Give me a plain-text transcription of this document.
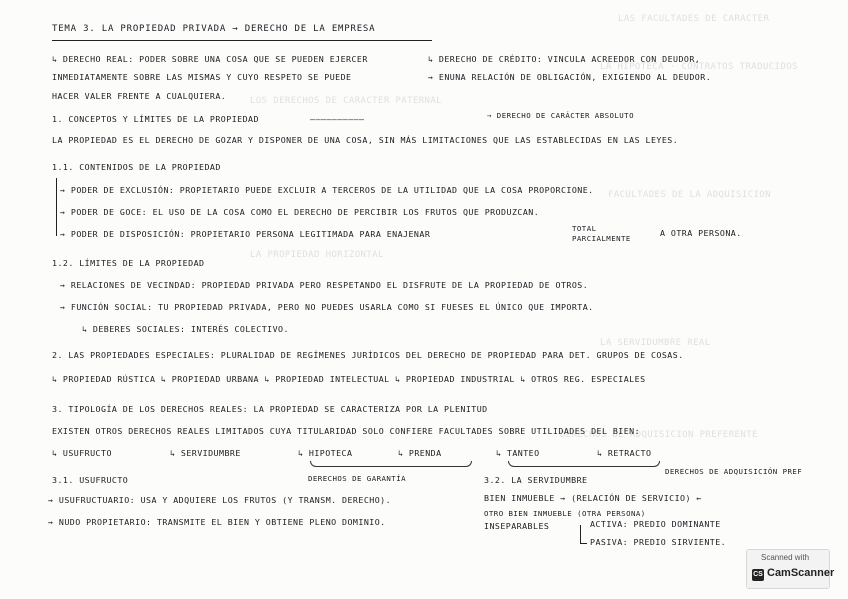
LAS FACULTADES DE CARACTER
LA HIPOTECA · CONTRATOS TRADUCIDOS
LOS DERECHOS DE CARACTER PATERNAL
FACULTADES DE LA ADQUISICION
LA SERVIDUMBRE REAL
DERECHOS DE ADQUISICION PREFERENTE
LA PROPIEDAD HORIZONTAL
TEMA 3. LA PROPIEDAD PRIVADA → DERECHO DE LA EMPRESA
↳ DERECHO REAL: PODER SOBRE UNA COSA QUE SE PUEDEN EJERCER	↳ DERECHO DE CRÉDITO: VINCULA ACREEDOR CON DEUDOR,
INMEDIATAMENTE SOBRE LAS MISMAS Y CUYO RESPETO SE PUEDE	→ ENUNA RELACIÓN DE OBLIGACIÓN, EXIGIENDO AL DEUDOR.
HACER VALER FRENTE A CUALQUIERA.
1. CONCEPTOS Y LÍMITES DE LA PROPIEDAD	——————————	→ DERECHO DE CARÁCTER ABSOLUTO
LA PROPIEDAD ES EL DERECHO DE GOZAR Y DISPONER DE UNA COSA, SIN MÁS LIMITACIONES QUE LAS ESTABLECIDAS EN LAS LEYES.
1.1. CONTENIDOS DE LA PROPIEDAD
→ PODER DE EXCLUSIÓN: PROPIETARIO PUEDE EXCLUIR A TERCEROS DE LA UTILIDAD QUE LA COSA PROPORCIONE.
→ PODER DE GOCE: EL USO DE LA COSA COMO EL DERECHO DE PERCIBIR LOS FRUTOS QUE PRODUZCAN.
→ PODER DE DISPOSICIÓN: PROPIETARIO PERSONA LEGITIMADA PARA ENAJENAR
TOTAL
PARCIALMENTE
A OTRA PERSONA.
1.2. LÍMITES DE LA PROPIEDAD
→ RELACIONES DE VECINDAD: PROPIEDAD PRIVADA PERO RESPETANDO EL DISFRUTE DE LA PROPIEDAD DE OTROS.
→ FUNCIÓN SOCIAL: TU PROPIEDAD PRIVADA, PERO NO PUEDES USARLA COMO SI FUESES EL ÚNICO QUE IMPORTA.
↳ DEBERES SOCIALES: INTERÉS COLECTIVO.
2. LAS PROPIEDADES ESPECIALES: PLURALIDAD DE REGÍMENES JURÍDICOS DEL DERECHO DE PROPIEDAD PARA DET. GRUPOS DE COSAS.
↳ PROPIEDAD RÚSTICA ↳ PROPIEDAD URBANA ↳ PROPIEDAD INTELECTUAL ↳ PROPIEDAD INDUSTRIAL ↳ OTROS REG. ESPECIALES
3. TIPOLOGÍA DE LOS DERECHOS REALES: LA PROPIEDAD SE CARACTERIZA POR LA PLENITUD
EXISTEN OTROS DERECHOS REALES LIMITADOS CUYA TITULARIDAD SOLO CONFIERE FACULTADES SOBRE UTILIDADES DEL BIEN:
↳ USUFRUCTO	↳ SERVIDUMBRE	↳ HIPOTECA	↳ PRENDA	↳ TANTEO	↳ RETRACTO
DERECHOS DE GARANTÍA
DERECHOS DE ADQUISICIÓN PREF
3.1. USUFRUCTO
→ USUFRUCTUARIO: USA Y ADQUIERE LOS FRUTOS (Y TRANSM. DERECHO).
→ NUDO PROPIETARIO: TRANSMITE EL BIEN Y OBTIENE PLENO DOMINIO.
3.2. LA SERVIDUMBRE
BIEN INMUEBLE → (RELACIÓN DE SERVICIO) ←
OTRO BIEN INMUEBLE (OTRA PERSONA)
INSEPARABLES	ACTIVA: PREDIO DOMINANTE
PASIVA: PREDIO SIRVIENTE.
Scanned with
CS CamScanner
